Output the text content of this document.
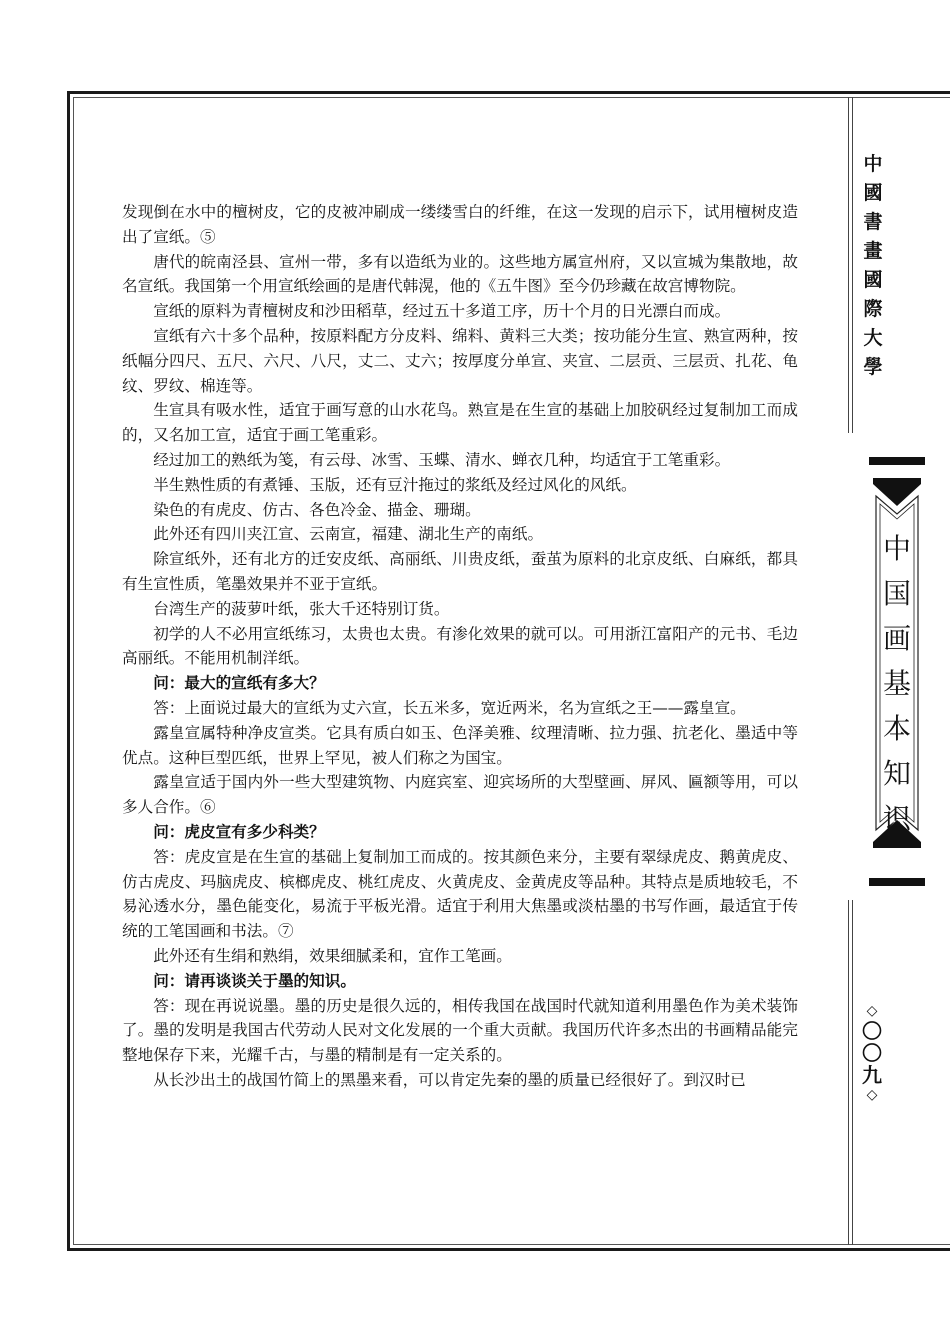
发现倒在水中的檀树皮，它的皮被冲刷成一缕缕雪白的纤维，在这一发现的启示下，试用檀树皮造出了宣纸。⑤

唐代的皖南泾县、宣州一带，多有以造纸为业的。这些地方属宣州府，又以宣城为集散地，故名宣纸。我国第一个用宣纸绘画的是唐代韩滉，他的《五牛图》至今仍珍藏在故宫博物院。

宣纸的原料为青檀树皮和沙田稻草，经过五十多道工序，历十个月的日光漂白而成。

宣纸有六十多个品种，按原料配方分皮料、绵料、黄料三大类；按功能分生宣、熟宣两种，按纸幅分四尺、五尺、六尺、八尺，丈二、丈六；按厚度分单宣、夹宣、二层贡、三层贡、扎花、龟纹、罗纹、棉连等。

生宣具有吸水性，适宜于画写意的山水花鸟。熟宣是在生宣的基础上加胶矾经过复制加工而成的，又名加工宣，适宜于画工笔重彩。

经过加工的熟纸为笺，有云母、冰雪、玉蝶、清水、蝉衣几种，均适宜于工笔重彩。

半生熟性质的有煮锤、玉版，还有豆汁拖过的浆纸及经过风化的风纸。

染色的有虎皮、仿古、各色冷金、描金、珊瑚。

此外还有四川夹江宣、云南宣，福建、湖北生产的南纸。

除宣纸外，还有北方的迁安皮纸、高丽纸、川贵皮纸，蚕茧为原料的北京皮纸、白麻纸，都具有生宣性质，笔墨效果并不亚于宣纸。

台湾生产的菠萝叶纸，张大千还特别订货。

初学的人不必用宣纸练习，太贵也太贵。有渗化效果的就可以。可用浙江富阳产的元书、毛边高丽纸。不能用机制洋纸。

问：最大的宣纸有多大？

答：上面说过最大的宣纸为丈六宣，长五米多，宽近两米，名为宣纸之王——露皇宣。

露皇宣属特种净皮宣类。它具有质白如玉、色泽美雅、纹理清晰、拉力强、抗老化、墨适中等优点。这种巨型匹纸，世界上罕见，被人们称之为国宝。

露皇宣适于国内外一些大型建筑物、内庭宾室、迎宾场所的大型壁画、屏风、匾额等用，可以多人合作。⑥

问：虎皮宣有多少科类？

答：虎皮宣是在生宣的基础上复制加工而成的。按其颜色来分，主要有翠绿虎皮、鹅黄虎皮、仿古虎皮、玛脑虎皮、槟榔虎皮、桃红虎皮、火黄虎皮、金黄虎皮等品种。其特点是质地较毛，不易沁透水分，墨色能变化，易流于平板光滑。适宜于利用大焦墨或淡枯墨的书写作画，最适宜于传统的工笔国画和书法。⑦

此外还有生绢和熟绢，效果细腻柔和，宜作工笔画。

问：请再谈谈关于墨的知识。

答：现在再说说墨。墨的历史是很久远的，相传我国在战国时代就知道利用墨色作为美术装饰了。墨的发明是我国古代劳动人民对文化发展的一个重大贡献。我国历代许多杰出的书画精品能完整地保存下来，光耀千古，与墨的精制是有一定关系的。

从长沙出土的战国竹简上的黑墨来看，可以肯定先秦的墨的质量已经很好了。到汉时已

中
國
書
畫
國
際
大
學
中
国
画
基
本
知
识
◇
〇
〇
九
◇
